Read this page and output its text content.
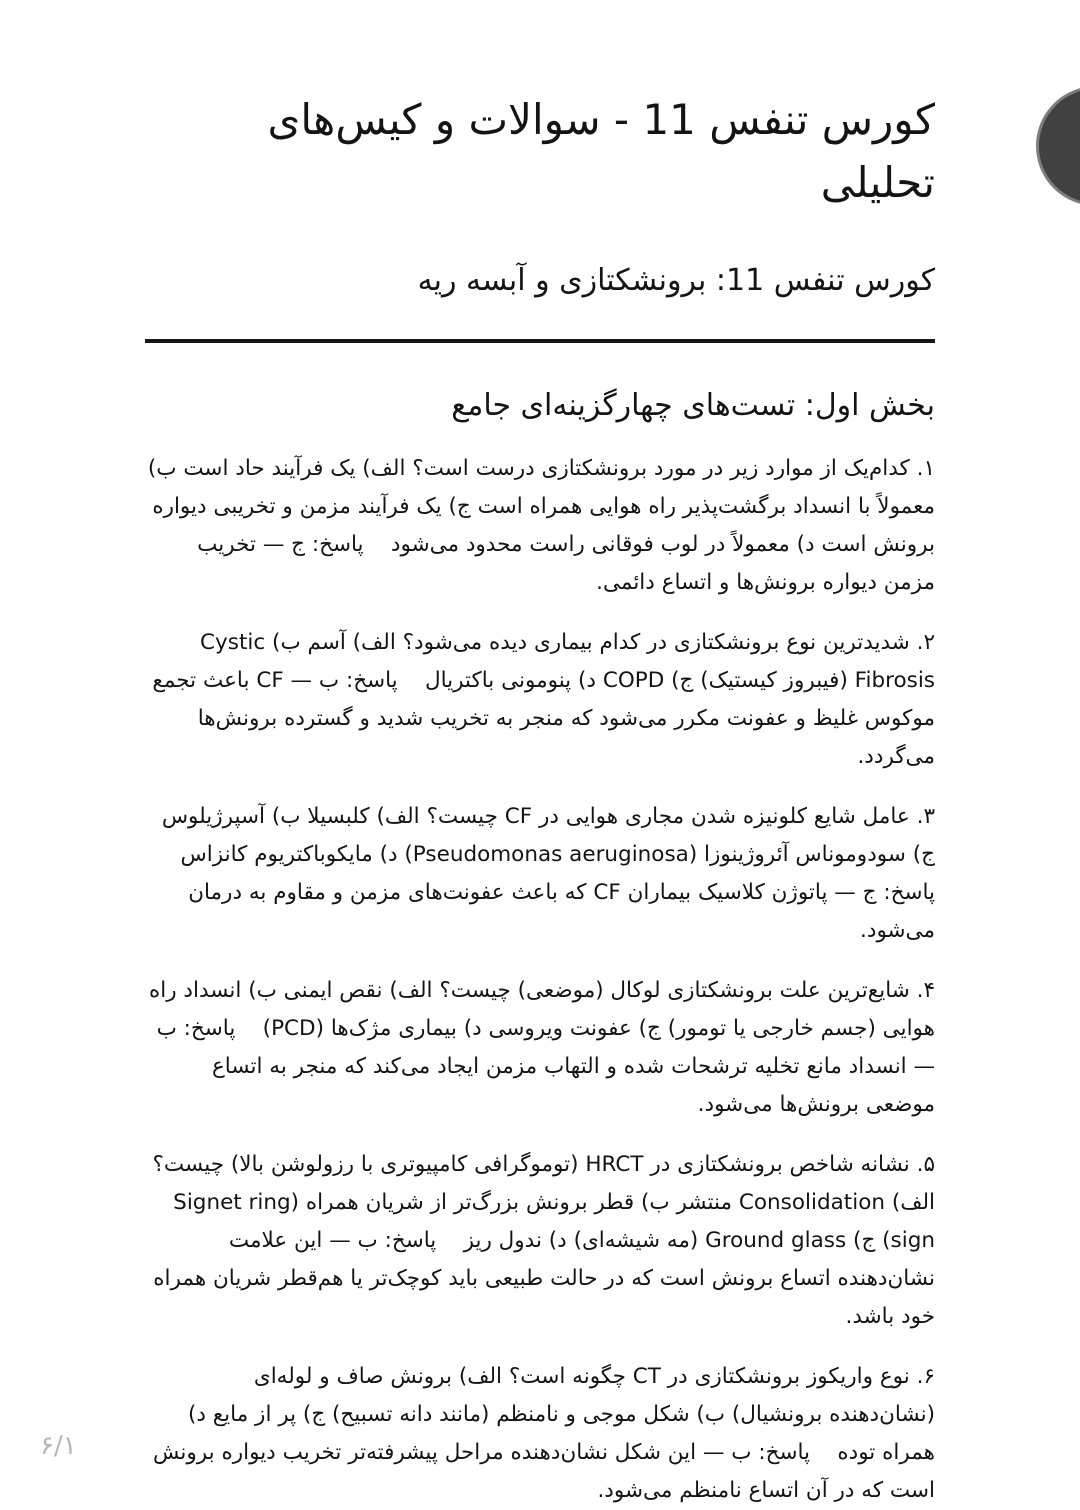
کورس تنفس 11 - سوالات و کیس‌های تحلیلی
کورس تنفس 11: برونشکتازی و آبسه ریه
بخش اول: تست‌های چهارگزینه‌ای جامع

۱. کدام‌یک از موارد زیر در مورد برونشکتازی درست است؟ الف) یک فرآیند حاد است ب) معمولاً با انسداد برگشت‌پذیر راه هوایی همراه است ج) یک فرآیند مزمن و تخریبی دیواره برونش است د) معمولاً در لوب فوقانی راست محدود می‌شود    پاسخ: ج — تخریب مزمن دیواره برونش‌ها و اتساع دائمی.

۲. شدیدترین نوع برونشکتازی در کدام بیماری دیده می‌شود؟ الف) آسم ب) Cystic Fibrosis (فیبروز کیستیک) ج) COPD د) پنومونی باکتریال    پاسخ: ب — CF باعث تجمع موکوس غلیظ و عفونت مکرر می‌شود که منجر به تخریب شدید و گسترده برونش‌ها می‌گردد.

۳. عامل شایع کلونیزه شدن مجاری هوایی در CF چیست؟ الف) کلبسیلا ب) آسپرژیلوس ج) سودوموناس آئروژینوزا (Pseudomonas aeruginosa) د) مایکوباکتریوم کانزاس    پاسخ: ج — پاتوژن کلاسیک بیماران CF که باعث عفونت‌های مزمن و مقاوم به درمان می‌شود.

۴. شایع‌ترین علت برونشکتازی لوکال (موضعی) چیست؟ الف) نقص ایمنی ب) انسداد راه هوایی (جسم خارجی یا تومور) ج) عفونت ویروسی د) بیماری مژک‌ها (PCD)    پاسخ: ب — انسداد مانع تخلیه ترشحات شده و التهاب مزمن ایجاد می‌کند که منجر به اتساع موضعی برونش‌ها می‌شود.

۵. نشانه شاخص برونشکتازی در HRCT (توموگرافی کامپیوتری با رزولوشن بالا) چیست؟ الف) Consolidation منتشر ب) قطر برونش بزرگ‌تر از شریان همراه (Signet ring sign) ج) Ground glass (مه شیشه‌ای) د) ندول ریز    پاسخ: ب — این علامت نشان‌دهنده اتساع برونش است که در حالت طبیعی باید کوچک‌تر یا هم‌قطر شریان همراه خود باشد.

۶. نوع واریکوز برونشکتازی در CT چگونه است؟ الف) برونش صاف و لوله‌ای (نشان‌دهنده برونشیال) ب) شکل موجی و نامنظم (مانند دانه تسبیح) ج) پر از مایع د) همراه توده    پاسخ: ب — این شکل نشان‌دهنده مراحل پیشرفته‌تر تخریب دیواره برونش است که در آن اتساع نامنظم می‌شود.

۶/۱
